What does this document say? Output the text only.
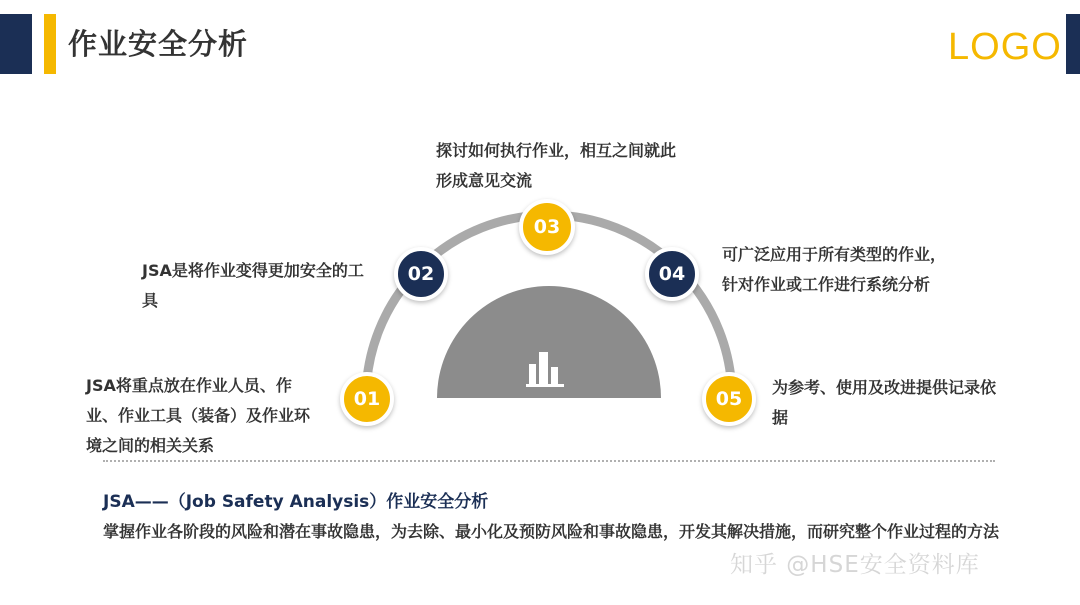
作业安全分析	LOGO
01
02
03
04
05
JSA将重点放在作业人员、作业、作业工具（装备）及作业环境之间的相关关系
JSA是将作业变得更加安全的工具
探讨如何执行作业，相互之间就此形成意见交流
可广泛应用于所有类型的作业，针对作业或工作进行系统分析
为参考、使用及改进提供记录依据
JSA——（Job Safety Analysis）作业安全分析
掌握作业各阶段的风险和潜在事故隐患，为去除、最小化及预防风险和事故隐患，开发其解决措施，而研究整个作业过程的方法
知乎 @HSE安全资料库
